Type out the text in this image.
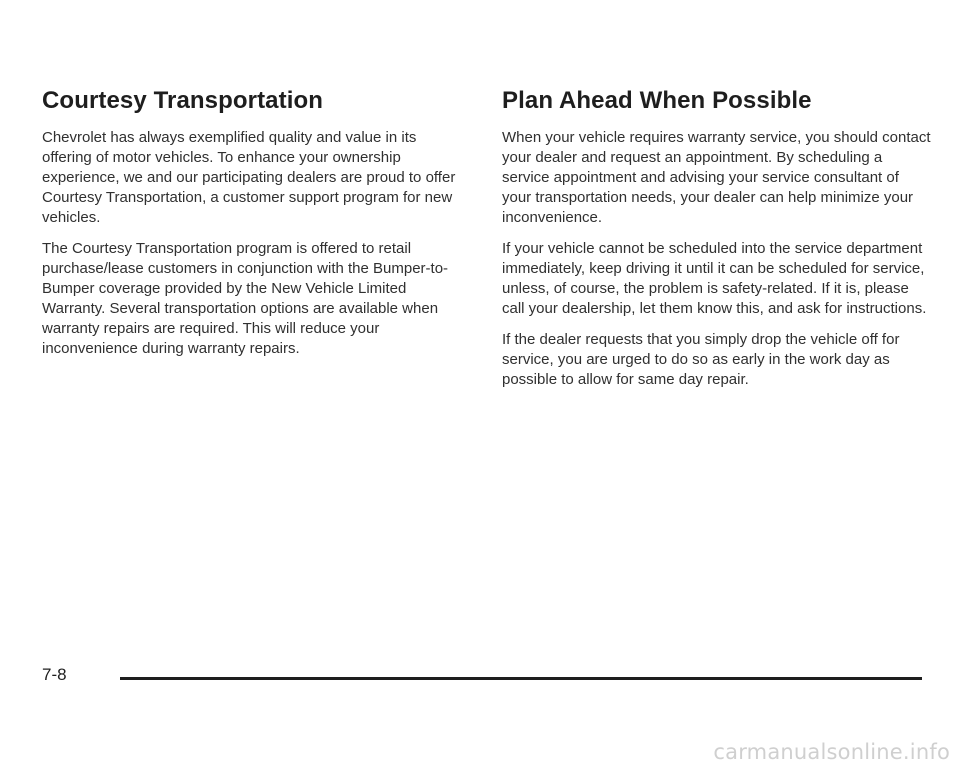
Courtesy Transportation

Chevrolet has always exemplified quality and value in its offering of motor vehicles. To enhance your ownership experience, we and our participating dealers are proud to offer Courtesy Transportation, a customer support program for new vehicles.

The Courtesy Transportation program is offered to retail purchase/lease customers in conjunction with the Bumper-to-Bumper coverage provided by the New Vehicle Limited Warranty. Several transportation options are available when warranty repairs are required. This will reduce your inconvenience during warranty repairs.

Plan Ahead When Possible

When your vehicle requires warranty service, you should contact your dealer and request an appointment. By scheduling a service appointment and advising your service consultant of your transportation needs, your dealer can help minimize your inconvenience.

If your vehicle cannot be scheduled into the service department immediately, keep driving it until it can be scheduled for service, unless, of course, the problem is safety-related. If it is, please call your dealership, let them know this, and ask for instructions.

If the dealer requests that you simply drop the vehicle off for service, you are urged to do so as early in the work day as possible to allow for same day repair.

7-8
carmanualsonline.info
